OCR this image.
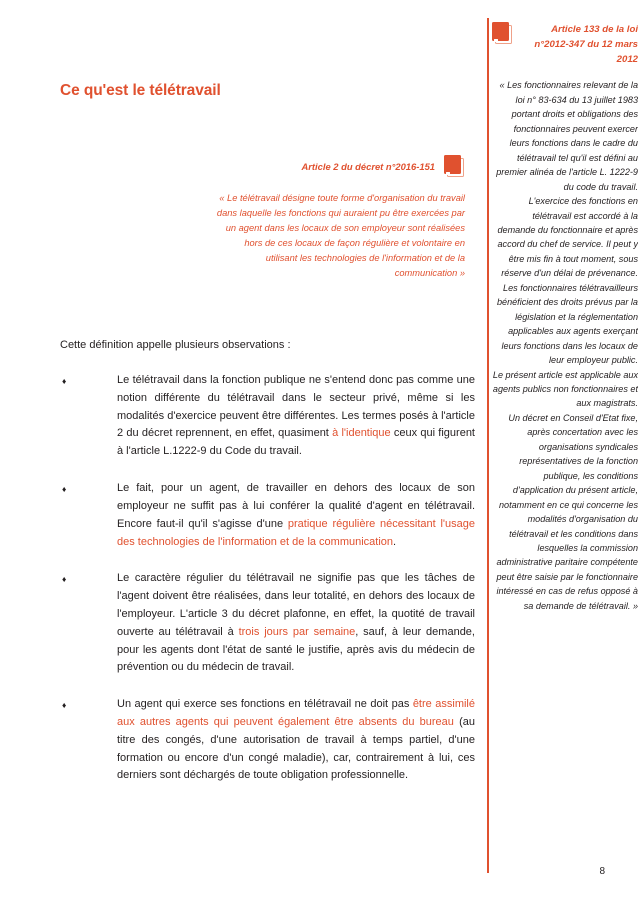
Ce qu'est le télétravail
Article 2 du décret n°2016-151
« Le télétravail désigne toute forme d'organisation du travail dans laquelle les fonctions qui auraient pu être exercées par un agent dans les locaux de son employeur sont réalisées hors de ces locaux de façon régulière et volontaire en utilisant les technologies de l'information et de la communication »
Cette définition appelle plusieurs observations :
♦	Le télétravail dans la fonction publique ne s'entend donc pas comme une notion différente du télétravail dans le secteur privé, même si les modalités d'exercice peuvent être différentes. Les termes posés à l'article 2 du décret reprennent, en effet, quasiment à l'identique ceux qui figurent à l'article L.1222-9 du Code du travail.
♦	Le fait, pour un agent, de travailler en dehors des locaux de son employeur ne suffit pas à lui conférer la qualité d'agent en télétravail. Encore faut-il qu'il s'agisse d'une pratique régulière nécessitant l'usage des technologies de l'information et de la communication.
♦	Le caractère régulier du télétravail ne signifie pas que les tâches de l'agent doivent être réalisées, dans leur totalité, en dehors des locaux de l'employeur. L'article 3 du décret plafonne, en effet, la quotité de travail ouverte au télétravail à trois jours par semaine, sauf, à leur demande, pour les agents dont l'état de santé le justifie, après avis du médecin de prévention ou du médecin de travail.
♦	Un agent qui exerce ses fonctions en télétravail ne doit pas être assimilé aux autres agents qui peuvent également être absents du bureau (au titre des congés, d'une autorisation de travail à temps partiel, d'une formation ou encore d'un congé maladie), car, contrairement à lui, ces derniers sont déchargés de toute obligation professionnelle.
Article 133 de la loi n°2012-347 du 12 mars 2012

« Les fonctionnaires relevant de la loi n° 83-634 du 13 juillet 1983 portant droits et obligations des fonctionnaires peuvent exercer leurs fonctions dans le cadre du télétravail tel qu'il est défini au premier alinéa de l'article L. 1222-9 du code du travail.

L'exercice des fonctions en télétravail est accordé à la demande du fonctionnaire et après accord du chef de service. Il peut y être mis fin à tout moment, sous réserve d'un délai de prévenance. Les fonctionnaires télétravailleurs bénéficient des droits prévus par la législation et la réglementation applicables aux agents exerçant leurs fonctions dans les locaux de leur employeur public.

Le présent article est applicable aux agents publics non fonctionnaires et aux magistrats.

Un décret en Conseil d'Etat fixe, après concertation avec les organisations syndicales représentatives de la fonction publique, les conditions d'application du présent article, notamment en ce qui concerne les modalités d'organisation du télétravail et les conditions dans lesquelles la commission administrative paritaire compétente peut être saisie par le fonctionnaire intéressé en cas de refus opposé à sa demande de télétravail. »

8
